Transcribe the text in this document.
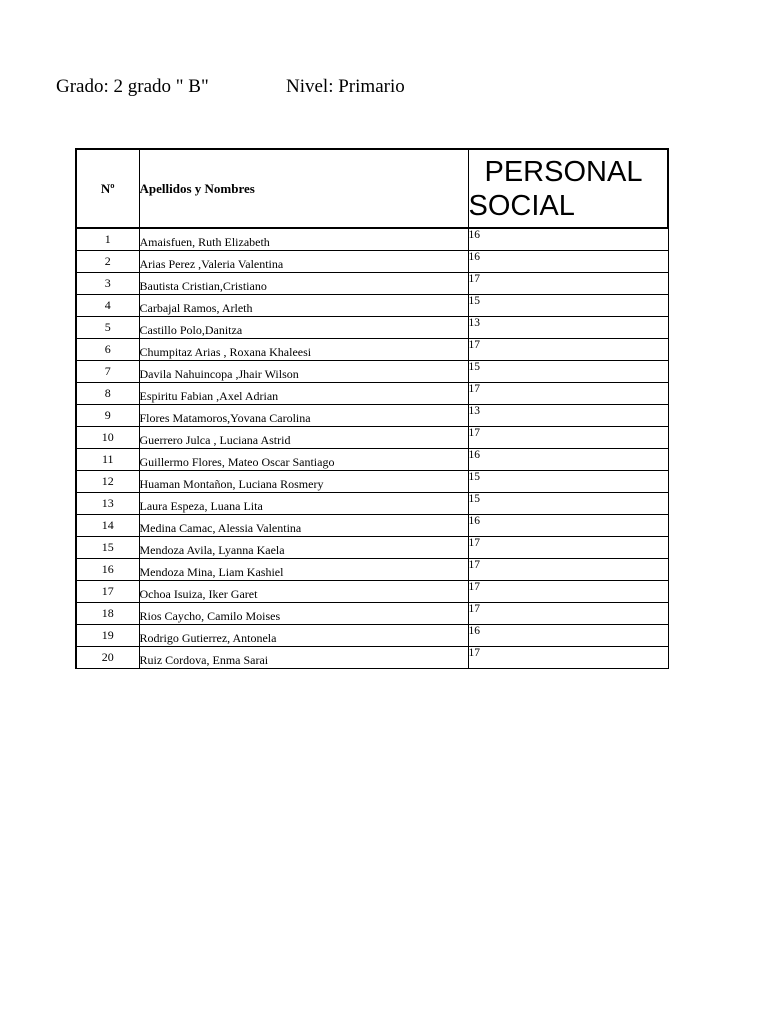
Grado: 2 grado " B"	Nivel: Primario
Nº	Apellidos y Nombres	PERSONAL
SOCIAL

1	Amaisfuen, Ruth Elizabeth	16
2	Arias Perez ,Valeria Valentina	16
3	Bautista Cristian,Cristiano	17
4	Carbajal Ramos, Arleth	15
5	Castillo Polo,Danitza	13
6	Chumpitaz Arias , Roxana Khaleesi	17
7	Davila Nahuincopa ,Jhair Wilson	15
8	Espiritu Fabian ,Axel Adrian	17
9	Flores Matamoros,Yovana Carolina	13
10	Guerrero Julca , Luciana Astrid	17
11	Guillermo Flores, Mateo Oscar Santiago	16
12	Huaman Montañon, Luciana Rosmery	15
13	Laura Espeza, Luana Lita	15
14	Medina Camac, Alessia Valentina	16
15	Mendoza Avila, Lyanna Kaela	17
16	Mendoza Mina, Liam Kashiel	17
17	Ochoa Isuiza, Iker Garet	17
18	Rios Caycho, Camilo Moises	17
19	Rodrigo Gutierrez, Antonela	16
20	Ruiz Cordova, Enma Sarai	17
